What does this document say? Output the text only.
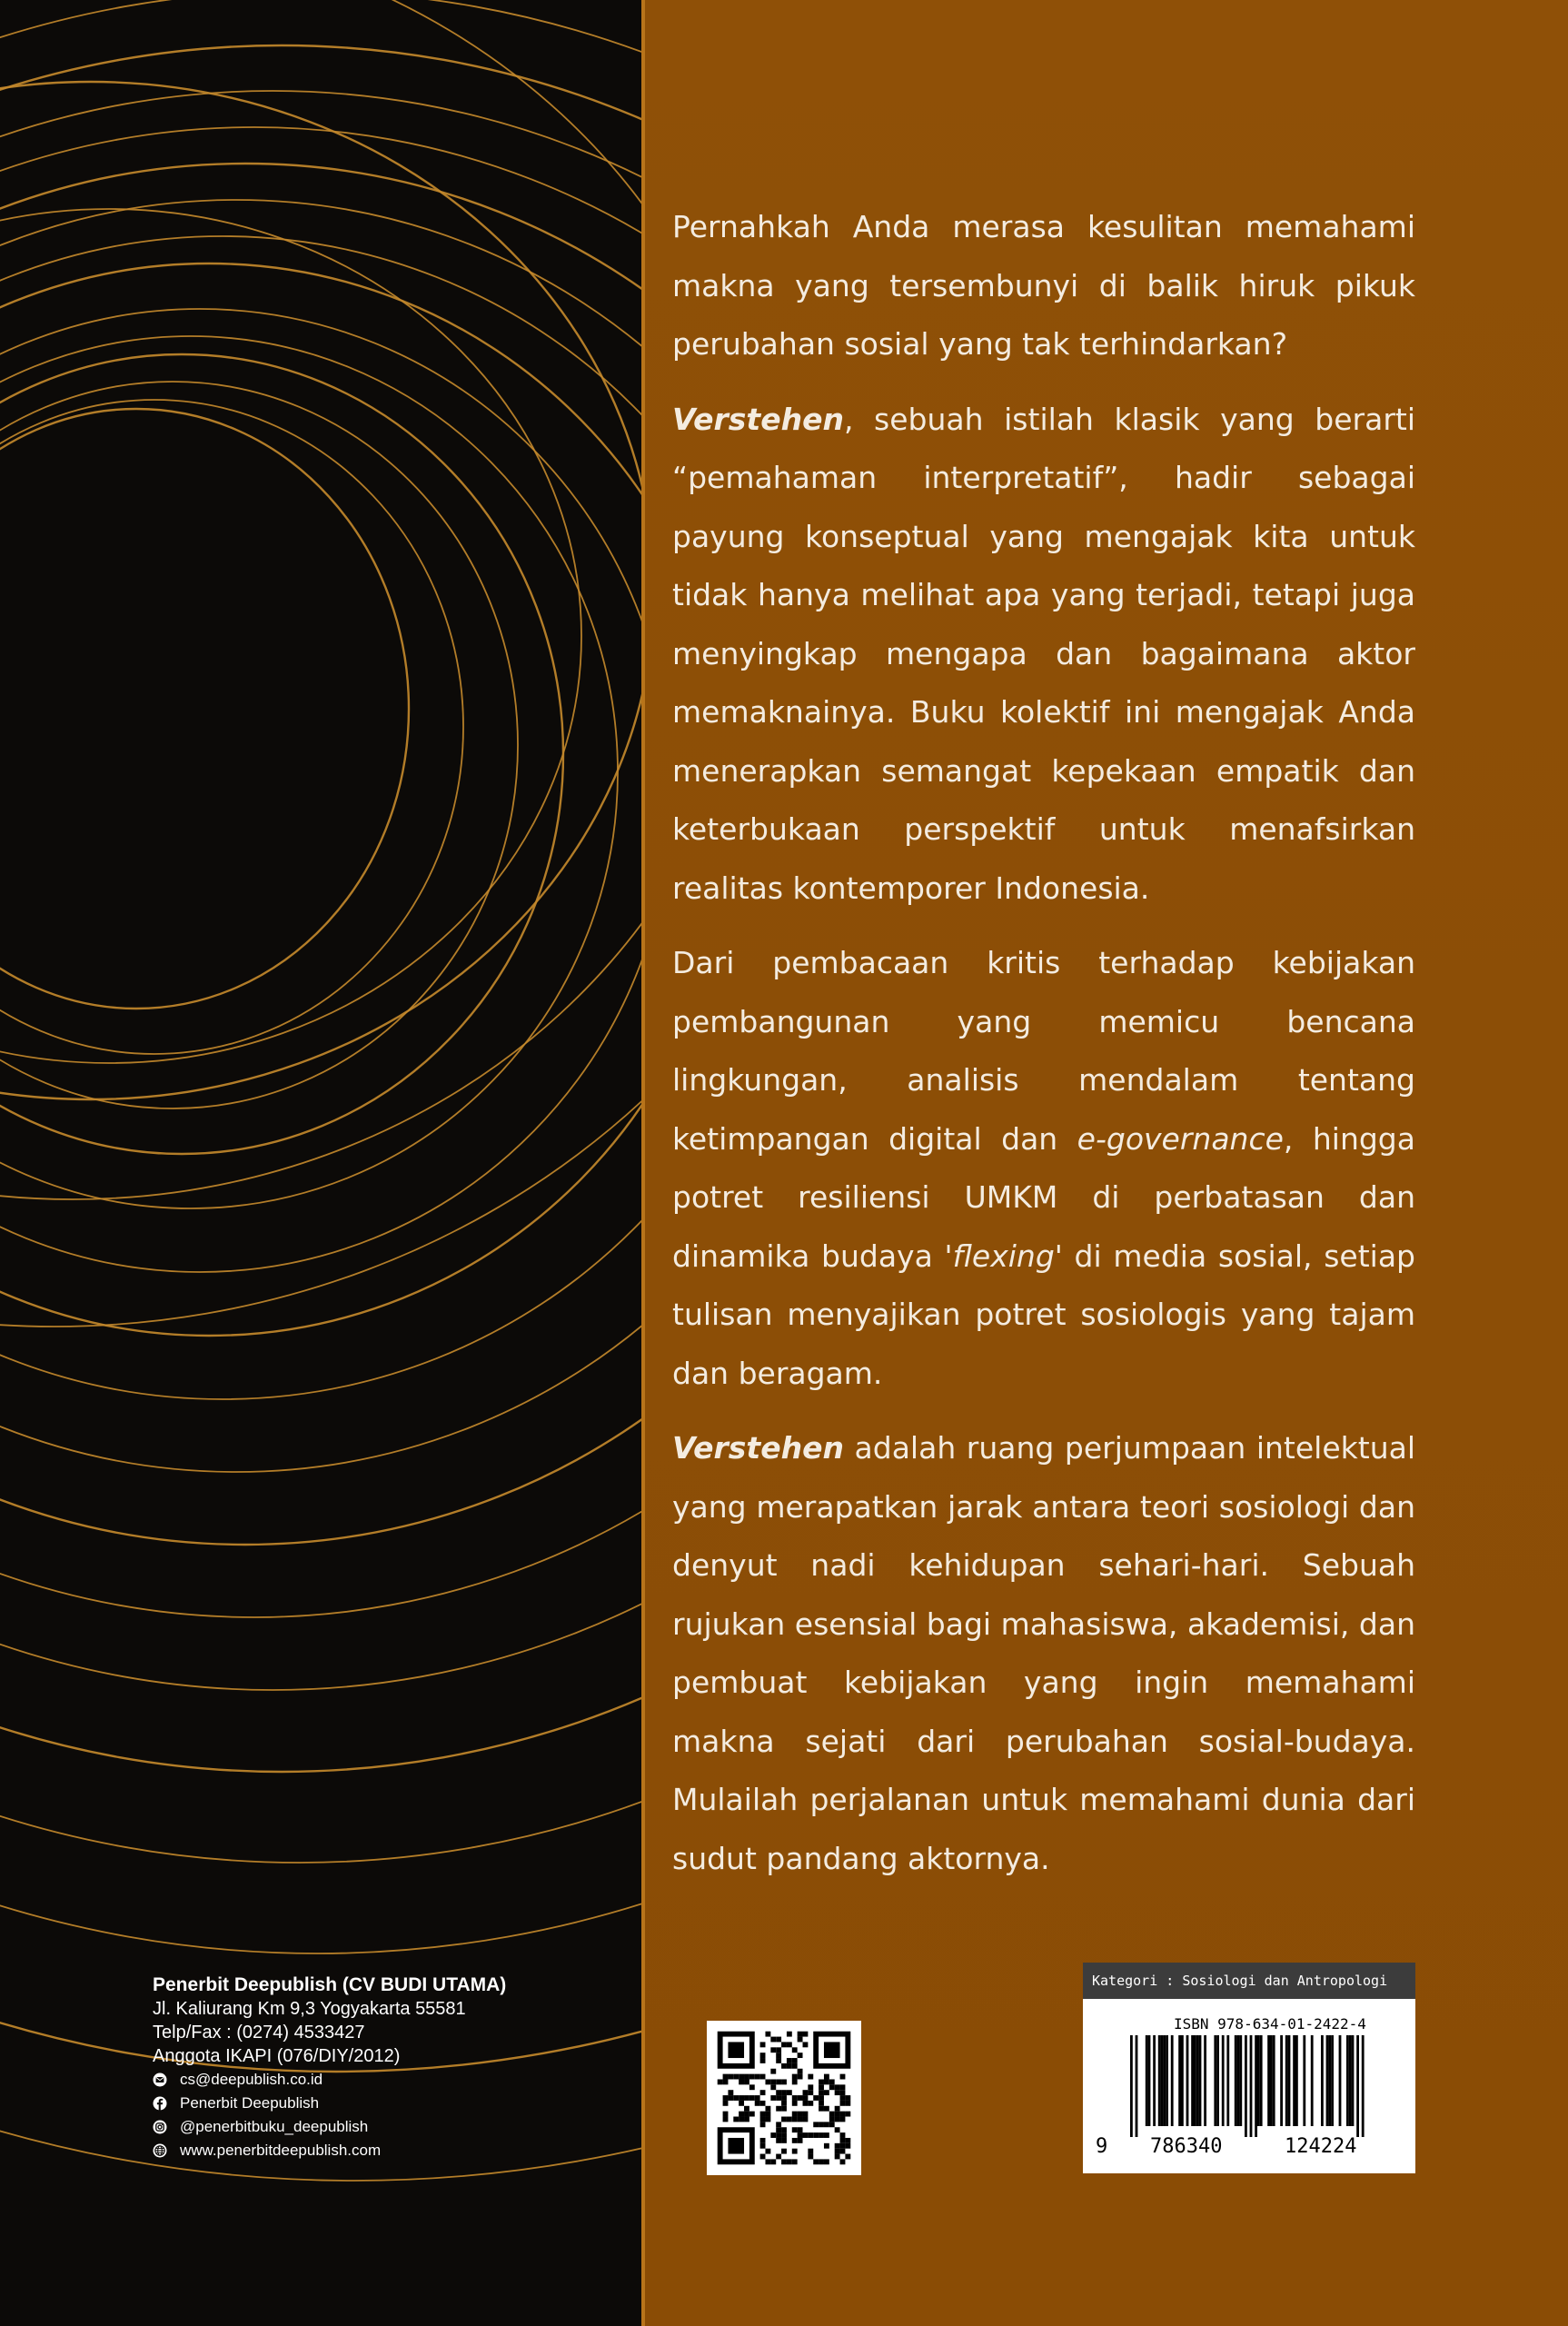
Pernahkah Anda merasa kesulitan memahami makna yang tersembunyi di balik hiruk pikuk perubahan sosial yang tak terhindarkan?

Verstehen, sebuah istilah klasik yang berarti “pemahaman interpretatif”, hadir sebagai payung konseptual yang mengajak kita untuk tidak hanya melihat apa yang terjadi, tetapi juga menyingkap mengapa dan bagaimana aktor memaknainya. Buku kolektif ini mengajak Anda menerapkan semangat kepekaan empatik dan keterbukaan perspektif untuk menafsirkan realitas kontemporer Indonesia.

Dari pembacaan kritis terhadap kebijakan pembangunan yang memicu bencana lingkungan, analisis mendalam tentang ketimpangan digital dan e-governance, hingga potret resiliensi UMKM di perbatasan dan dinamika budaya 'flexing' di media sosial, setiap tulisan menyajikan potret sosiologis yang tajam dan beragam.

Verstehen adalah ruang perjumpaan intelektual yang merapatkan jarak antara teori sosiologi dan denyut nadi kehidupan sehari-hari. Sebuah rujukan esensial bagi mahasiswa, akademisi, dan pembuat kebijakan yang ingin memahami makna sejati dari perubahan sosial-budaya. Mulailah perjalanan untuk memahami dunia dari sudut pandang aktornya.

Penerbit Deepublish (CV BUDI UTAMA)
Jl. Kaliurang Km 9,3 Yogyakarta 55581
Telp/Fax : (0274) 4533427
Anggota IKAPI (076/DIY/2012)
cs@deepublish.co.id
Penerbit Deepublish
@penerbitbuku_deepublish
www.penerbitdeepublish.com
Kategori : Sosiologi dan Antropologi
ISBN 978-634-01-2422-4
9 786340	124224
